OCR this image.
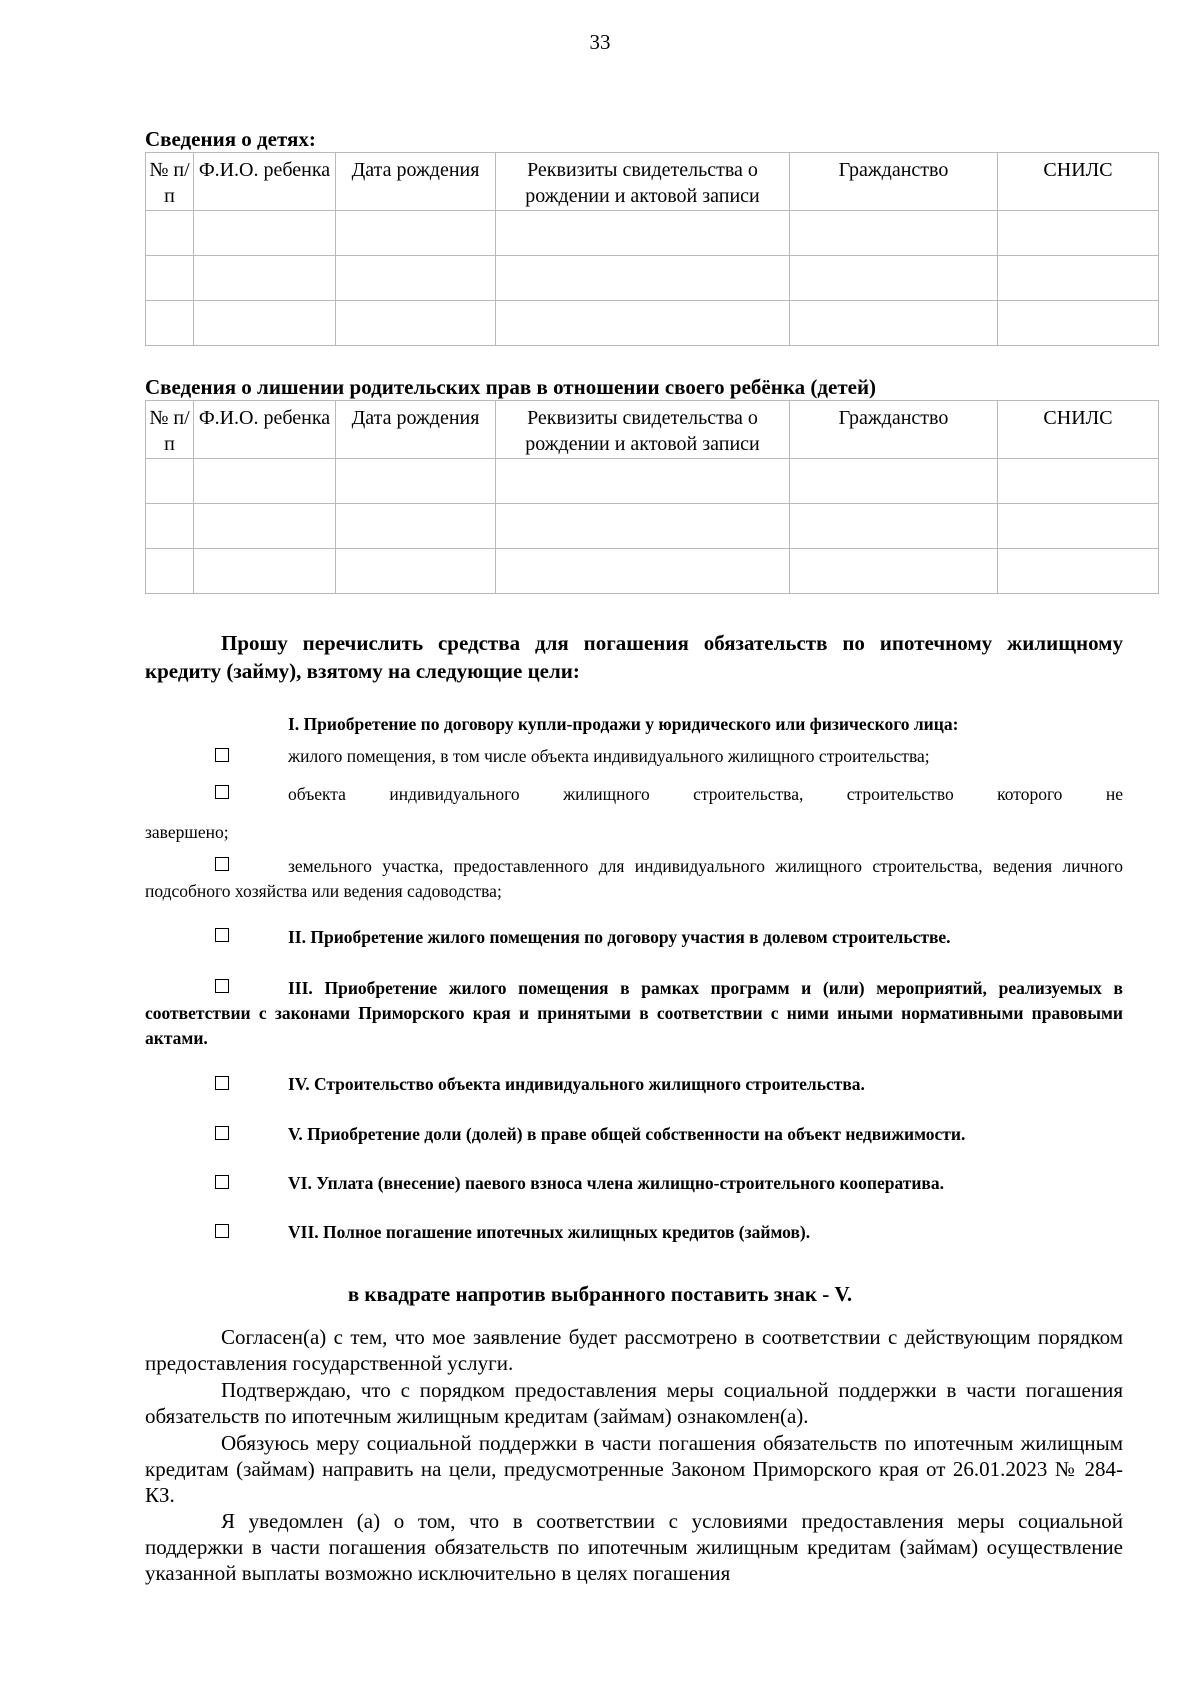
33
Сведения о детях:
№ п/п	Ф.И.О. ребенка	Дата рождения	Реквизиты свидетельства о рождении и актовой записи	Гражданство	СНИЛС

Сведения о лишении родительских прав в отношении своего ребёнка (детей)
№ п/п	Ф.И.О. ребенка	Дата рождения	Реквизиты свидетельства о рождении и актовой записи	Гражданство	СНИЛС

Прошу перечислить средства для погашения обязательств по ипотечному жилищному кредиту (займу), взятому на следующие цели:
I. Приобретение по договору купли-продажи у юридического или физического лица:
жилого помещения, в том числе объекта индивидуального жилищного строительства;
объекта индивидуального жилищного строительства, строительство которого не
завершено;
земельного участка, предоставленного для индивидуального жилищного строительства, ведения личного подсобного хозяйства или ведения садоводства;
II. Приобретение жилого помещения по договору участия в долевом строительстве.
III. Приобретение жилого помещения в рамках программ и (или) мероприятий, реализуемых в соответствии с законами Приморского края и принятыми в соответствии с ними иными нормативными правовыми актами.
IV. Строительство объекта индивидуального жилищного строительства.
V. Приобретение доли (долей) в праве общей собственности на объект недвижимости.
VI. Уплата (внесение) паевого взноса члена жилищно-строительного кооператива.
VII. Полное погашение ипотечных жилищных кредитов (займов).
в квадрате напротив выбранного поставить знак - V.
Согласен(а) с тем, что мое заявление будет рассмотрено в соответствии с действующим порядком предоставления государственной услуги.
Подтверждаю, что с порядком предоставления меры социальной поддержки в части погашения обязательств по ипотечным жилищным кредитам (займам) ознакомлен(а).
Обязуюсь меру социальной поддержки в части погашения обязательств по ипотечным жилищным кредитам (займам) направить на цели, предусмотренные Законом Приморского края от 26.01.2023 № 284-КЗ.
Я уведомлен (а) о том, что в соответствии с условиями предоставления меры социальной поддержки в части погашения обязательств по ипотечным жилищным кредитам (займам) осуществление указанной выплаты возможно исключительно в целях погашения
